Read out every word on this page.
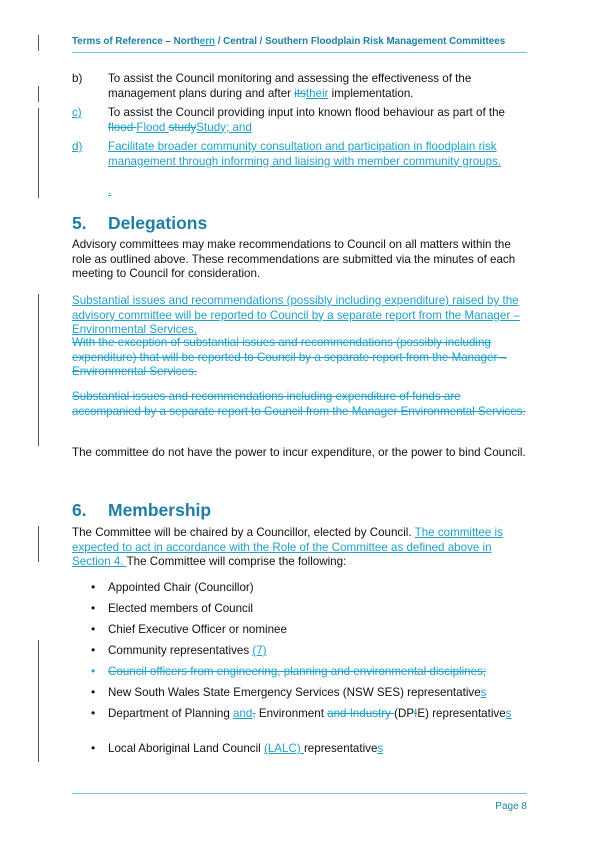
Terms of Reference – Northern / Central / Southern Floodplain Risk Management Committees
b) To assist the Council monitoring and assessing the effectiveness of the management plans during and after itstheir implementation.
c) To assist the Council providing input into known flood behaviour as part of the flood Flood studyStudy; and
d) Facilitate broader community consultation and participation in floodplain risk management through informing and liaising with member community groups.
.
5. Delegations
Advisory committees may make recommendations to Council on all matters within the role as outlined above. These recommendations are submitted via the minutes of each meeting to Council for consideration.
Substantial issues and recommendations (possibly including expenditure) raised by the advisory committee will be reported to Council by a separate report from the Manager – Environmental Services.
With the exception of substantial issues and recommendations (possibly including expenditure) that will be reported to Council by a separate report from the Manager – Environmental Services.
Substantial issues and recommendations including expenditure of funds are accompanied by a separate report to Council from the Manager Environmental Services.
The committee do not have the power to incur expenditure, or the power to bind Council.
6. Membership
The Committee will be chaired by a Councillor, elected by Council. The committee is expected to act in accordance with the Role of the Committee as defined above in Section 4. The Committee will comprise the following:
• Appointed Chair (Councillor)
• Elected members of Council
• Chief Executive Officer or nominee
• Community representatives (7)
• Council officers from engineering, planning and environmental disciplines;
• New South Wales State Emergency Services (NSW SES) representatives
• Department of Planning and, Environment and Industry (DPIE) representatives
• Local Aboriginal Land Council (LALC) representatives
Page 8
